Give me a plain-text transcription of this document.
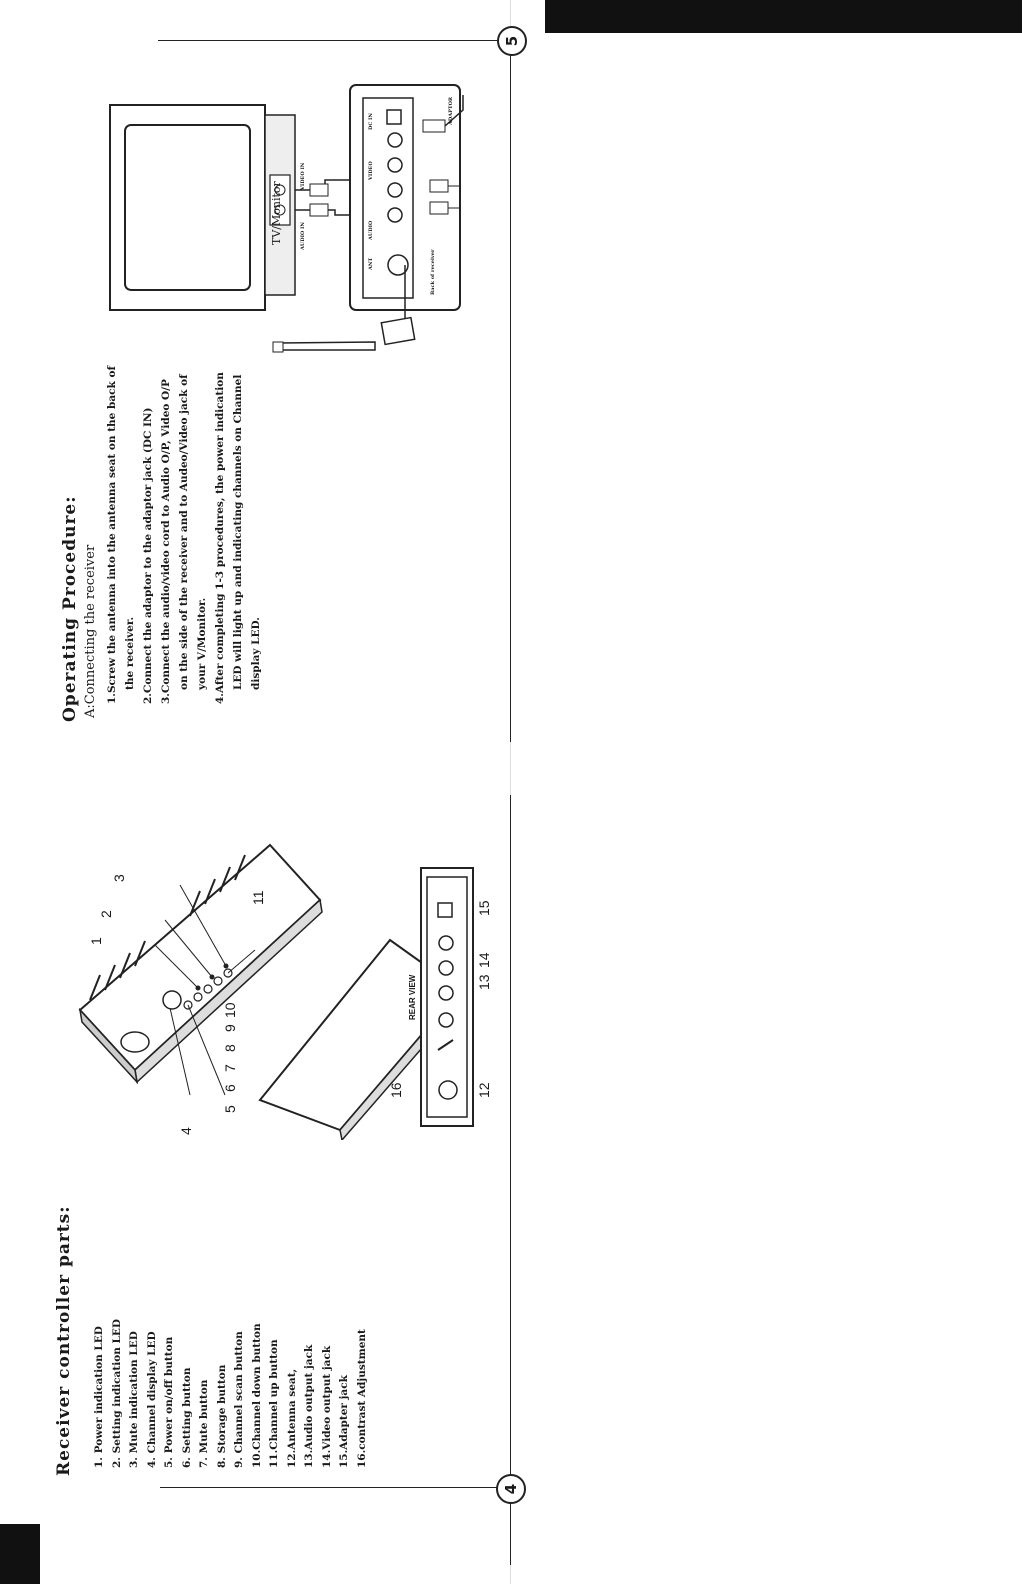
4
Receiver controller parts: 1. Power indication LED 2. Setting indication LED 3. Mute indication LED 4. Channel display LED 5. Power on/off button 6. Setting button 7. Mute button 8. Storage button 9. Channel scan button 10.Channel down button 11.Channel up button 12.Antenna seat, 13.Audio output jack 14.Video output jack 15.Adapter jack 16.contrast Adjustment
1
2
3
4
5
6
7
8
9
10
11
12
13
14
15
16
REAR VIEW
5
Operating Procedure: A:Connecting the receiver 1.Screw the antenna into the antenna seat on the back of the receiver. 2.Connect the adaptor to the adaptor jack (DC IN) 3.Connect the audio/video cord to Audio O/P, Video O/P on the side of the receiver and to Audeo/Video jack of your V/Monitor. 4.After completing 1-3 procedures, the power indication LED will light up and indicating channels on Channel display LED.
TV/Monitor	AUDIO IN
VIDEO IN
ANT
AUDIO
VIDEO
DC IN	ADAPTOR
Back of receiver
